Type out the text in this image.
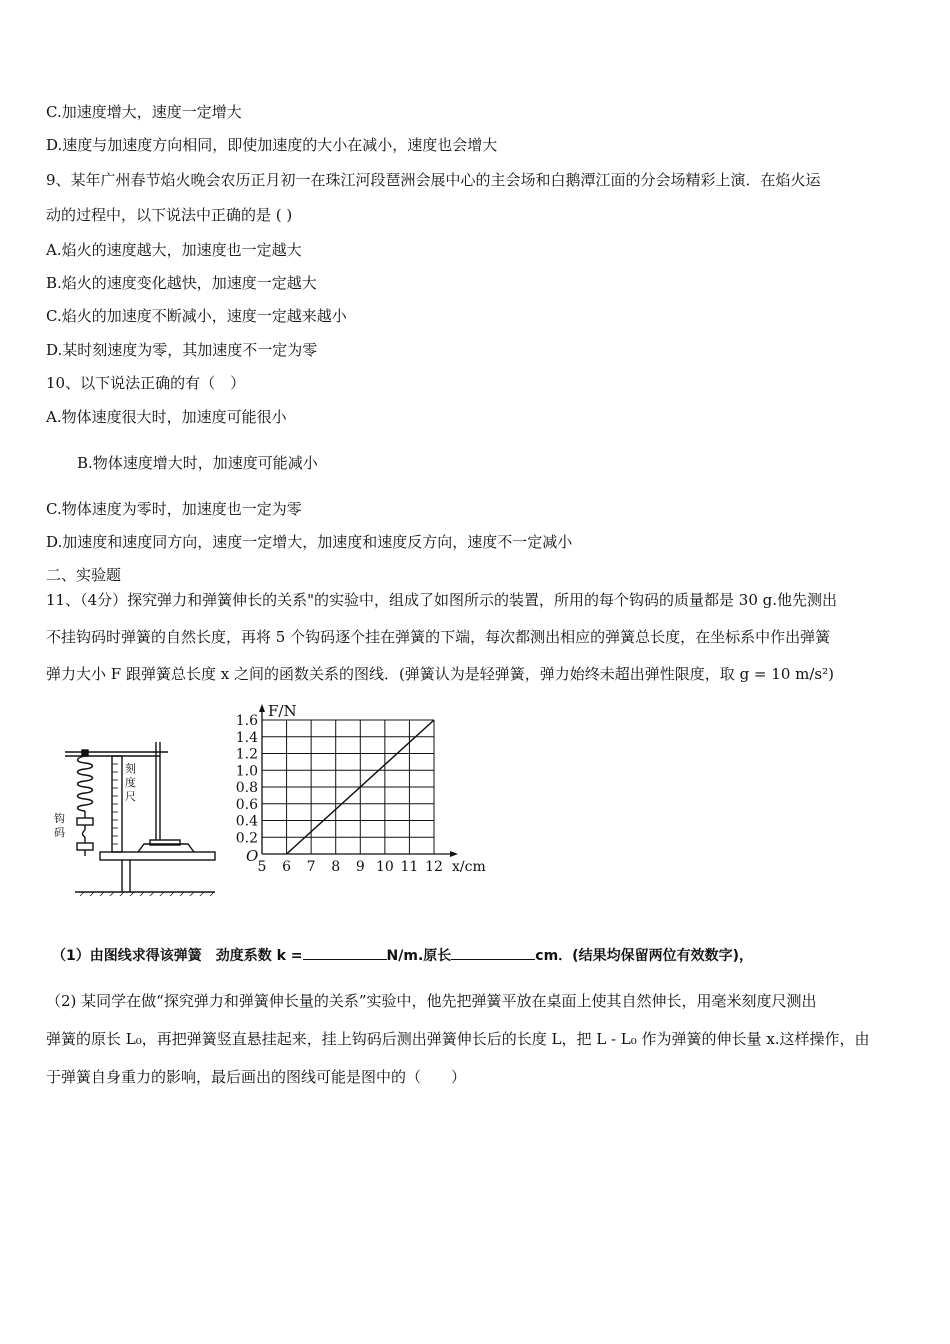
C.加速度增大，速度一定增大
D.速度与加速度方向相同，即使加速度的大小在减小，速度也会增大
9、某年广州春节焰火晚会农历正月初一在珠江河段琶洲会展中心的主会场和白鹅潭江面的分会场精彩上演．在焰火运
动的过程中，以下说法中正确的是 ( )
A.焰火的速度越大，加速度也一定越大
B.焰火的速度变化越快，加速度一定越大
C.焰火的加速度不断减小，速度一定越来越小
D.某时刻速度为零，其加速度不一定为零
10、以下说法正确的有（　）
A.物体速度很大时，加速度可能很小
B.物体速度增大时，加速度可能减小
C.物体速度为零时，加速度也一定为零
D.加速度和速度同方向，速度一定增大，加速度和速度反方向，速度不一定减小
二、实验题
11、（4分）探究弹力和弹簧伸长的关系"的实验中，组成了如图所示的装置，所用的每个钩码的质量都是 30 g.他先测出
不挂钩码时弹簧的自然长度，再将 5 个钩码逐个挂在弹簧的下端，每次都测出相应的弹簧总长度，在坐标系中作出弹簧
弹力大小 F 跟弹簧总长度 x 之间的函数关系的图线．(弹簧认为是轻弹簧，弹力始终未超出弹性限度，取 g = 10 m/s²)
刻
度
尺
钩
码
5 6 7 8 9 10 11 12
0.2
0.4
0.6
0.8
1.0
1.2
1.4
1.6
O
x/cm
F/N
（1）由图线求得该弹簧　劲度系数 k =	N/m.原长	cm．(结果均保留两位有效数字)，
（2) 某同学在做“探究弹力和弹簧伸长量的关系”实验中，他先把弹簧平放在桌面上使其自然伸长，用毫米刻度尺测出
弹簧的原长 L₀，再把弹簧竖直悬挂起来，挂上钩码后测出弹簧伸长后的长度 L，把 L - L₀ 作为弹簧的伸长量 x.这样操作，由
于弹簧自身重力的影响，最后画出的图线可能是图中的（　　）
